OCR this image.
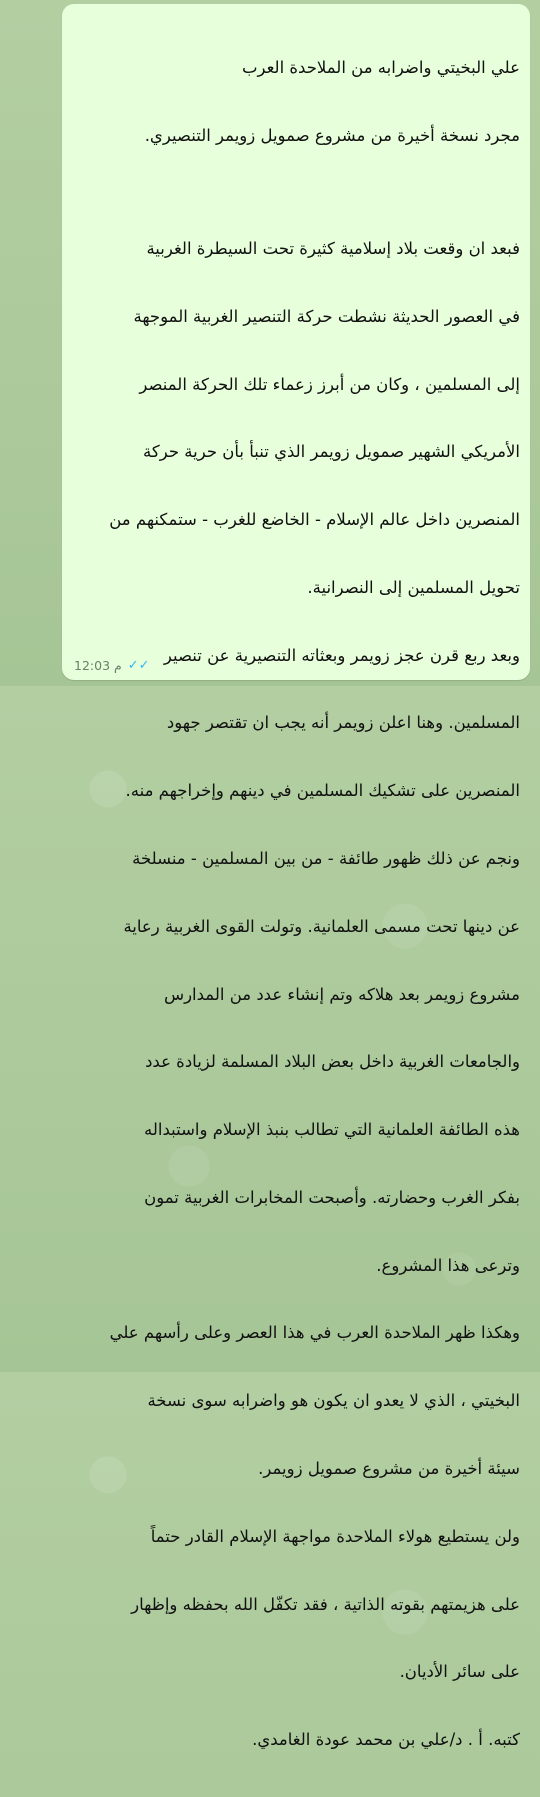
علي البخيتي واضرابه من الملاحدة العرب

مجرد نسخة أخيرة من مشروع صمويل زويمر التنصيري.

فبعد ان وقعت بلاد إسلامية كثيرة تحت السيطرة الغربية

في العصور الحديثة نشطت حركة التنصير الغربية الموجهة

إلى المسلمين ، وكان من أبرز زعماء تلك الحركة المنصر

الأمريكي الشهير صمويل زويمر الذي تنبأ بأن حرية حركة

المنصرين داخل عالم الإسلام - الخاضع للغرب - ستمكنهم من

تحويل المسلمين إلى النصرانية.

وبعد ربع قرن عجز زويمر وبعثاته التنصيرية عن تنصير

المسلمين. وهنا اعلن زويمر أنه يجب ان تقتصر جهود

المنصرين على تشكيك المسلمين في دينهم وإخراجهم منه.

ونجم عن ذلك ظهور طائفة - من بين المسلمين - منسلخة

عن دينها تحت مسمى العلمانية. وتولت القوى الغربية رعاية

مشروع زويمر بعد هلاكه وتم إنشاء عدد من المدارس

والجامعات الغربية داخل بعض البلاد المسلمة لزيادة عدد

هذه الطائفة العلمانية التي تطالب بنبذ الإسلام واستبداله

بفكر الغرب وحضارته. وأصبحت المخابرات الغربية تمون

وترعى هذا المشروع.

وهكذا ظهر الملاحدة العرب في هذا العصر وعلى رأسهم علي

البخيتي ، الذي لا يعدو ان يكون هو واضرابه سوى نسخة

سيئة أخيرة من مشروع صمويل زويمر.

ولن يستطيع هولاء الملاحدة مواجهة الإسلام القادر حتماً

على هزيمتهم بقوته الذاتية ، فقد تكفّل الله بحفظه وإظهار

على سائر الأديان.

كتبه. أ . د/علي بن محمد عودة الغامدي.

12:03 م ✓✓
